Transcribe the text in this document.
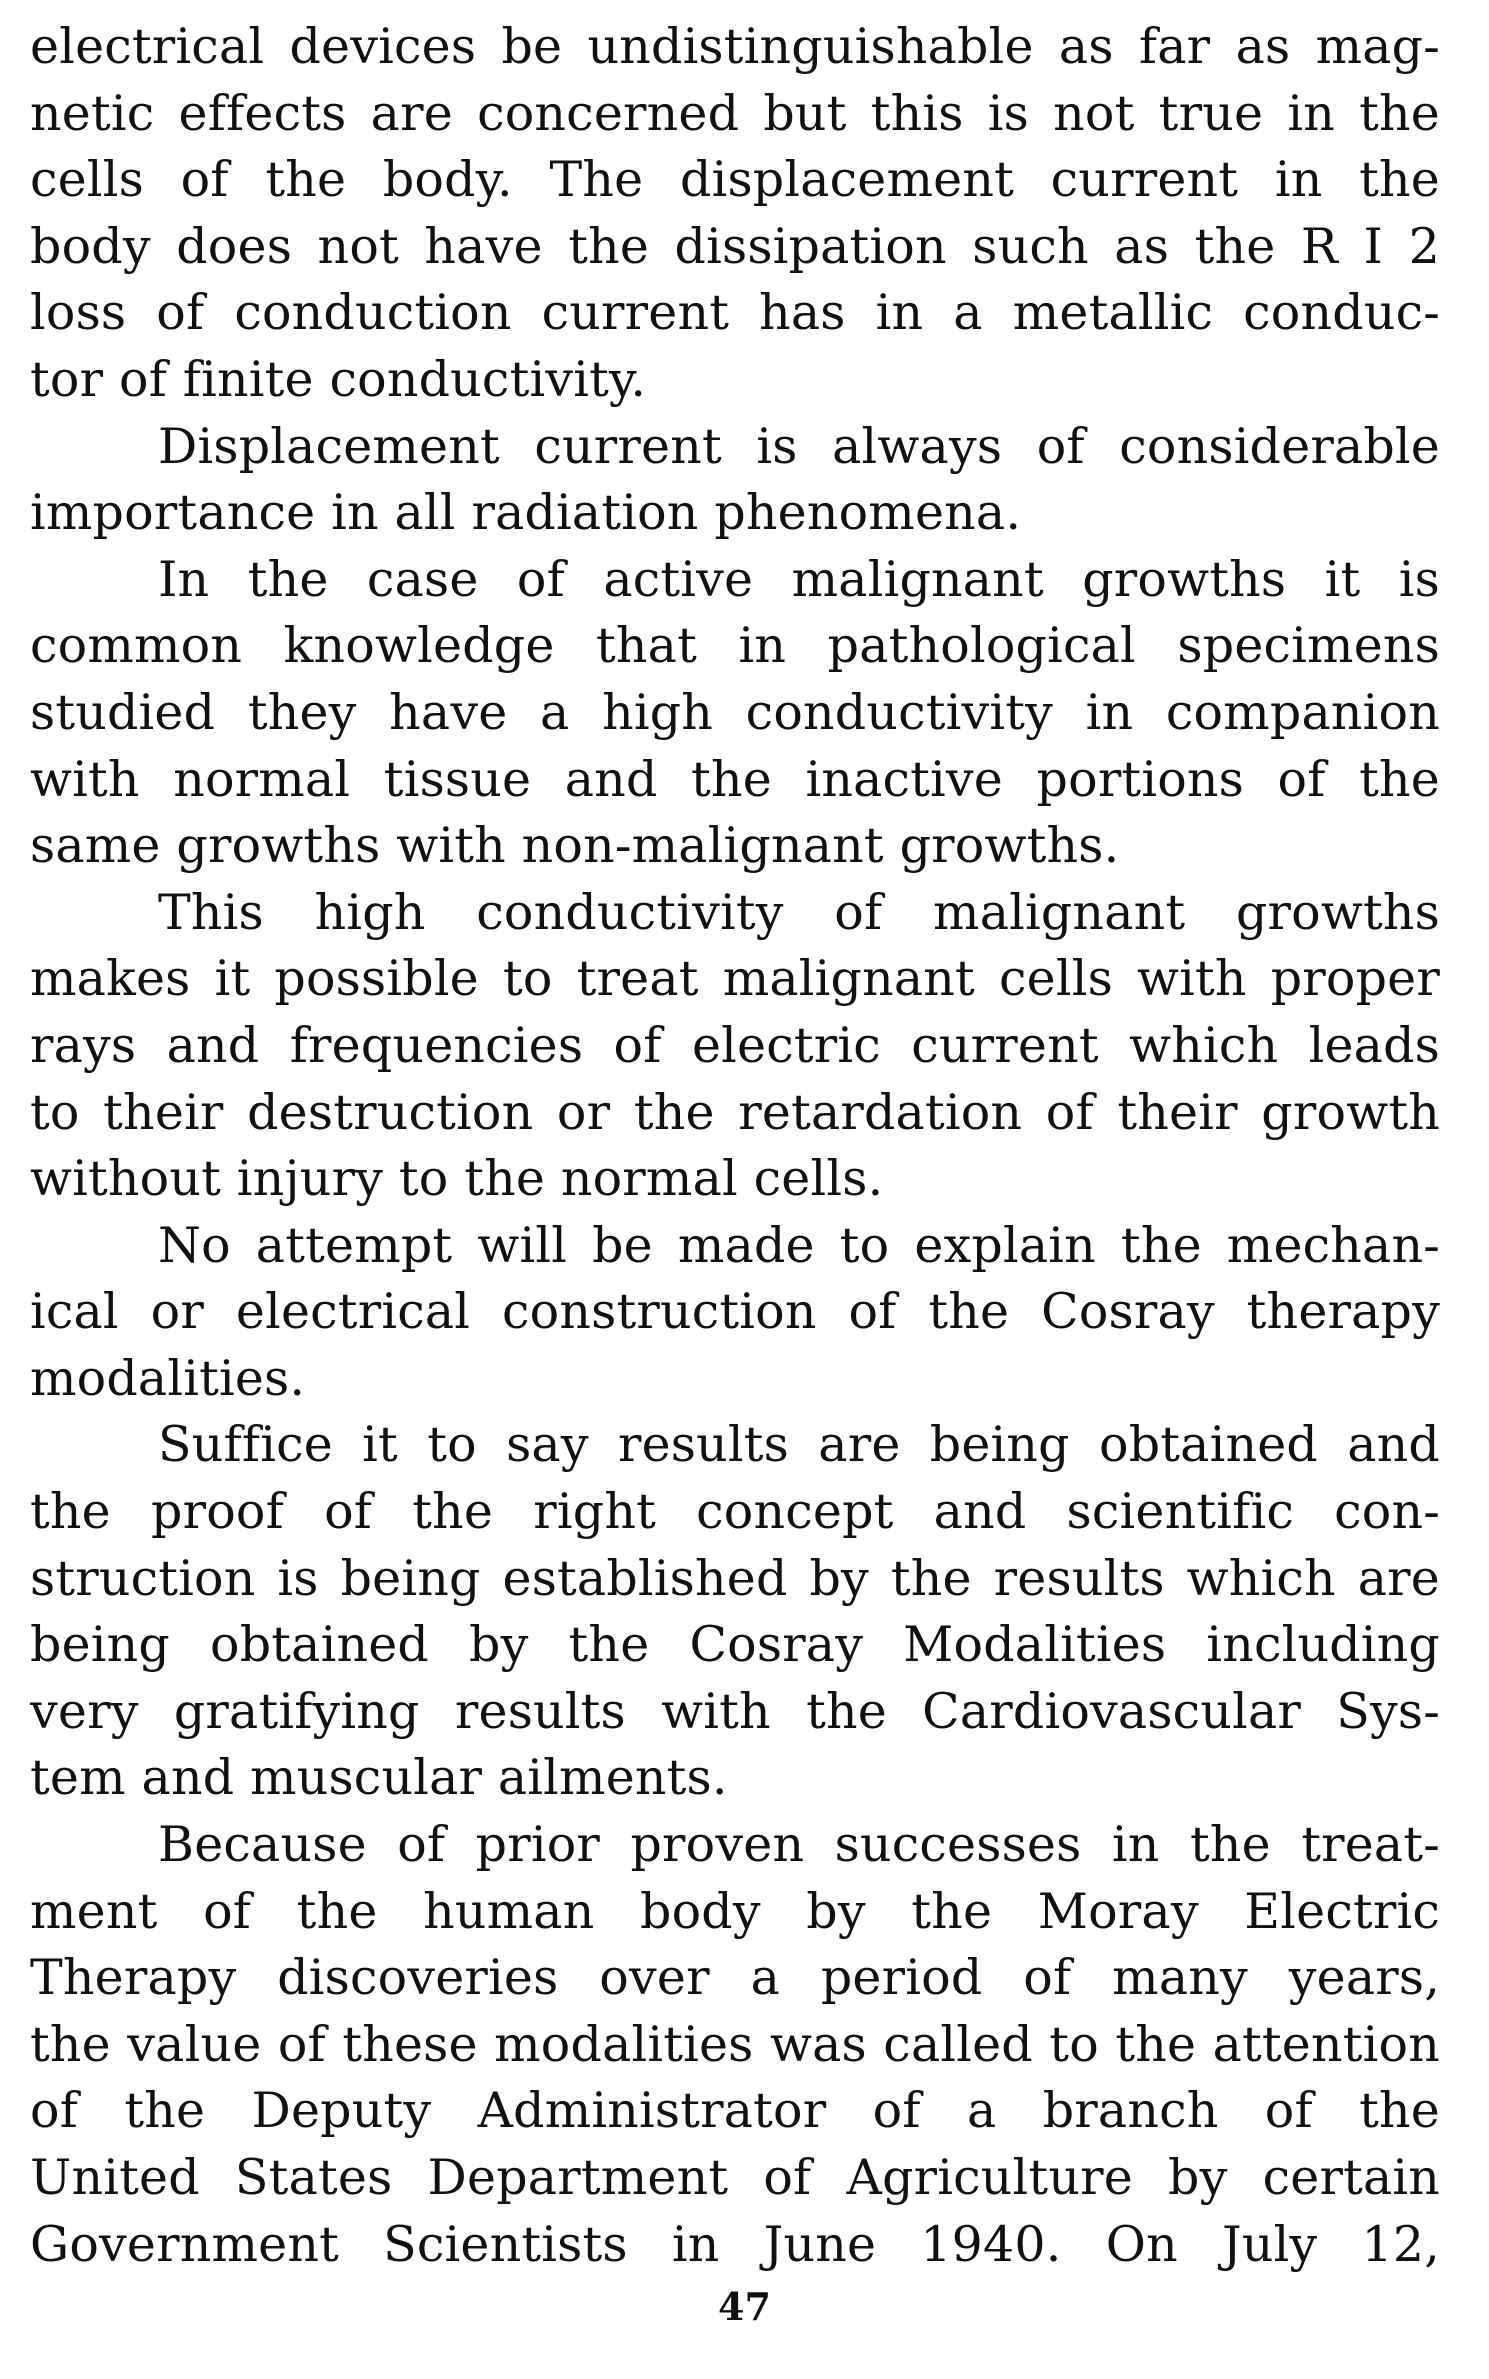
electrical devices be undistinguishable as far as mag-
netic effects are concerned but this is not true in the
cells of the body. The displacement current in the
body does not have the dissipation such as the R I 2
loss of conduction current has in a metallic conduc-
tor of finite conductivity.
Displacement current is always of considerable
importance in all radiation phenomena.
In the case of active malignant growths it is
common knowledge that in pathological specimens
studied they have a high conductivity in companion
with normal tissue and the inactive portions of the
same growths with non-malignant growths.
This high conductivity of malignant growths
makes it possible to treat malignant cells with proper
rays and frequencies of electric current which leads
to their destruction or the retardation of their growth
without injury to the normal cells.
No attempt will be made to explain the mechan-
ical or electrical construction of the Cosray therapy
modalities.
Suffice it to say results are being obtained and
the proof of the right concept and scientific con-
struction is being established by the results which are
being obtained by the Cosray Modalities including
very gratifying results with the Cardiovascular Sys-
tem and muscular ailments.
Because of prior proven successes in the treat-
ment of the human body by the Moray Electric
Therapy discoveries over a period of many years,
the value of these modalities was called to the attention
of the Deputy Administrator of a branch of the
United States Department of Agriculture by certain
Government Scientists in June 1940. On July 12,
47
